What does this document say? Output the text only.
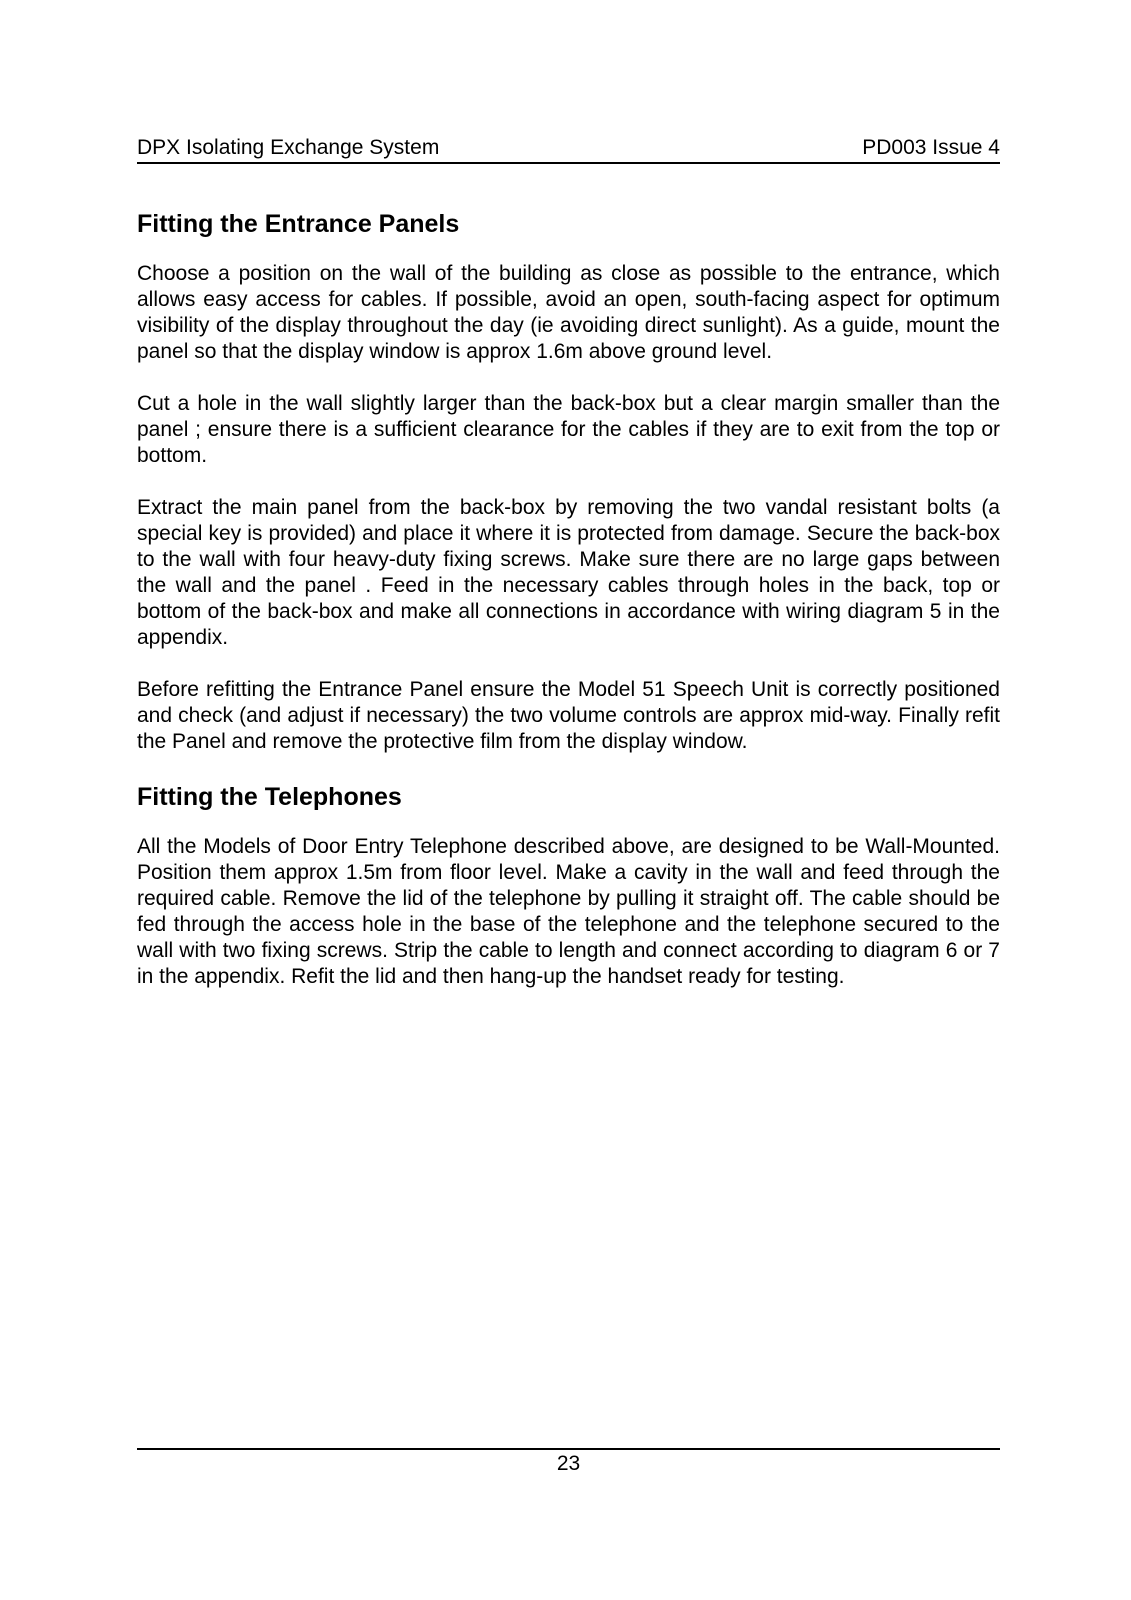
DPX Isolating Exchange System	PD003 Issue 4
Fitting the Entrance Panels

Choose a position on the wall of the building as close as possible to the entrance, which allows easy access for cables. If possible, avoid an open, south-facing aspect for optimum visibility of the display throughout the day (ie avoiding direct sunlight). As a guide, mount the panel so that the display window is approx 1.6m above ground level.

Cut a hole in the wall slightly larger than the back-box but a clear margin smaller than the panel ; ensure there is a sufficient clearance for the cables if they are to exit from the top or bottom.

Extract the main panel from the back-box by removing the two vandal resistant bolts (a special key is provided) and place it where it is protected from damage. Secure the back-box to the wall with four heavy-duty fixing screws. Make sure there are no large gaps between the wall and the panel . Feed in the necessary cables through holes in the back, top or bottom of the back-box and make all connections in accordance with wiring diagram 5 in the appendix.

Before refitting the Entrance Panel ensure the Model 51 Speech Unit is correctly positioned and check (and adjust if necessary) the two volume controls are approx mid-way. Finally refit the Panel and remove the protective film from the display window.

Fitting the Telephones

All the Models of Door Entry Telephone described above, are designed to be Wall-Mounted. Position them approx 1.5m from floor level. Make a cavity in the wall and feed through the required cable. Remove the lid of the telephone by pulling it straight off. The cable should be fed through the access hole in the base of the telephone and the telephone secured to the wall with two fixing screws. Strip the cable to length and connect according to diagram 6 or 7 in the appendix. Refit the lid and then hang-up the handset ready for testing.

23
